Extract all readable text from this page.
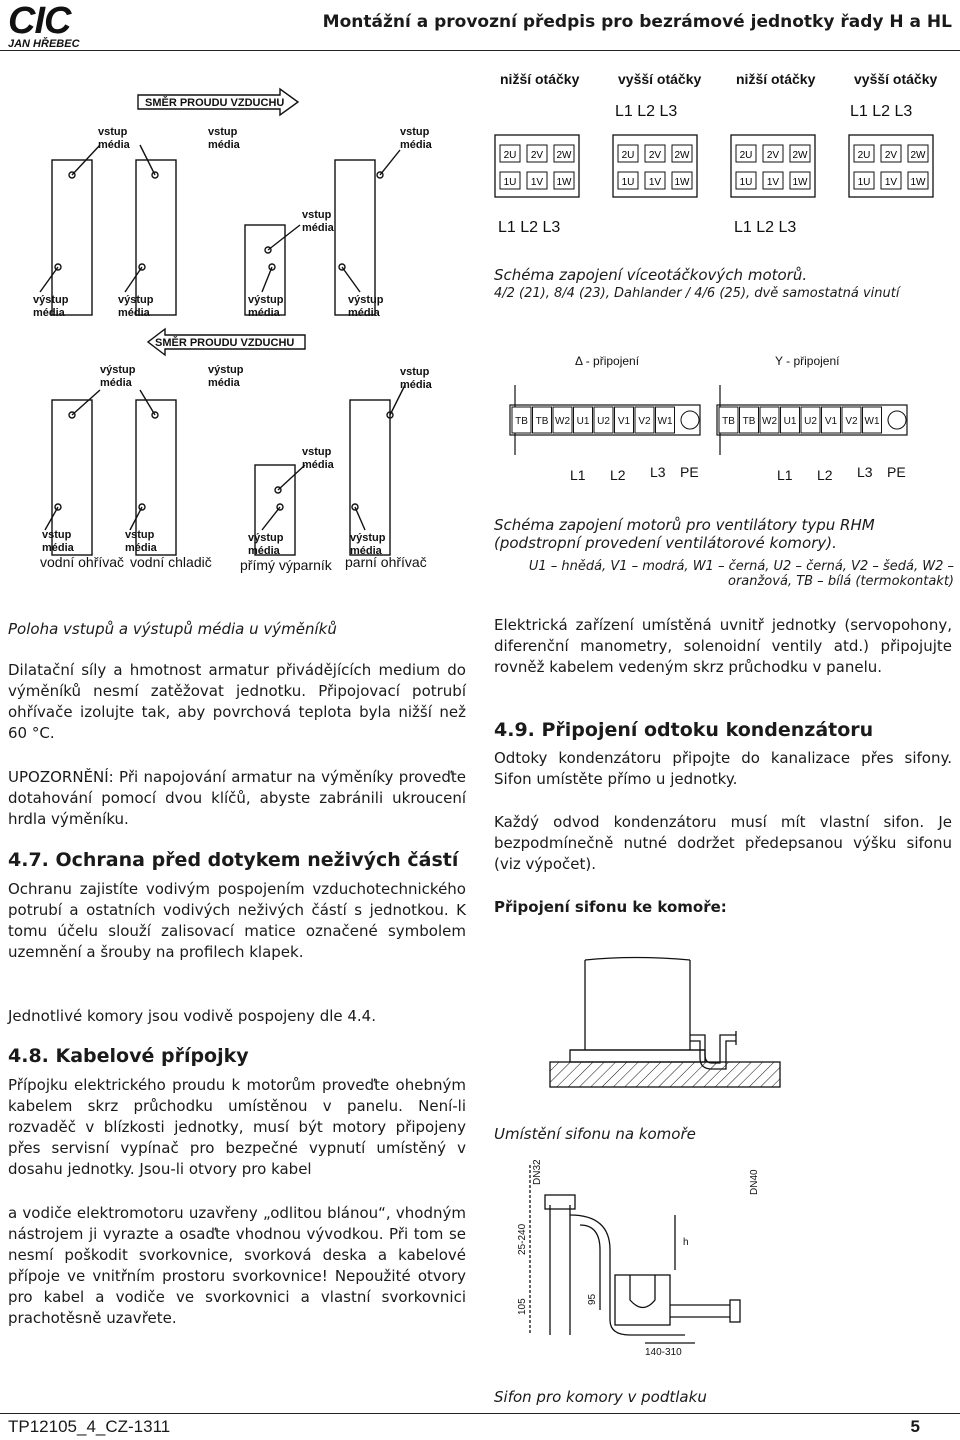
CIC
JAN HŘEBEC
Montážní a provozní předpis pro bezrámové jednotky řady H a HL
SMĚR PROUDU VZDUCHU
SMĚR PROUDU VZDUCHU
vstup
média
vstup
média
vstup
média
vstup
média
výstup
média
výstup
média
výstup
média
výstup
média
výstup
média
výstup
média
vstup
média
vstup
média
vstup
média
vstup
média
výstup
média
výstup
média
vodní ohřívač vodní chladič přímý výparník parní ohřívač
nižší otáčky	vyšší otáčky nižší otáčky	vyšší otáčky
L1 L2 L3	L1 L2 L3
L1 L2 L3	L1 L2 L3
2U 2V 2W
1U 1V 1W
2U 2V 2W
1U 1V 1W
2U 2V 2W
1U 1V 1W
2U 2V 2W
1U 1V 1W
Schéma zapojení víceotáčkových motorů.
4/2 (21), 8/4 (23), Dahlander / 4/6 (25), dvě samostatná vinutí
Δ - připojení	Y - připojení
TB TB W2 U1 U2 V1 V2 W1	TB TB W2 U1 U2 V1 V2 W1
L1 L2 L3 PE	L1 L2 L3 PE
Schéma zapojení motorů pro ventilátory typu RHM (podstropní provedení ventilátorové komory).
U1 – hnědá, V1 – modrá, W1 – černá, U2 – černá, V2 – šedá, W2 – oranžová, TB – bílá (termokontakt)
Poloha vstupů a výstupů média u výměníků
Dilatační síly a hmotnost armatur přivádějících medium do výměníků nesmí zatěžovat jednotku. Připojovací potrubí ohřívače izolujte tak, aby povrchová teplota byla nižší než 60 °C.
UPOZORNĚNÍ: Při napojování armatur na výměníky proveďte dotahování pomocí dvou klíčů, abyste zabránili ukroucení hrdla výměníku.
4.7. Ochrana před dotykem neživých částí
Ochranu zajistíte vodivým pospojením vzduchotechnického potrubí a ostatních vodivých neživých částí s jednotkou. K tomu účelu slouží zalisovací matice označené symbolem uzemnění a šrouby na profilech klapek.
Jednotlivé komory jsou vodivě pospojeny dle 4.4.
4.8. Kabelové přípojky
Přípojku elektrického proudu k motorům proveďte ohebným kabelem skrz průchodku umístěnou v panelu. Není-li rozvaděč v blízkosti jednotky, musí být motory připojeny přes servisní vypínač pro bezpečné vypnutí umístěný v dosahu jednotky. Jsou-li otvory pro kabel
a vodiče elektromotoru uzavřeny „odlitou blánou“, vhodným nástrojem ji vyrazte a osaďte vhodnou vývodkou. Při tom se nesmí poškodit svorkovnice, svorková deska a kabelové přípoje ve vnitřním prostoru svorkovnice! Nepoužité otvory pro kabel a vodiče ve svorkovnici a vlastní svorkovnici prachotěsně uzavřete.
Elektrická zařízení umístěná uvnitř jednotky (servopohony, diferenční manometry, solenoidní ventily atd.) připojujte rovněž kabelem vedeným skrz průchodku v panelu.
4.9. Připojení odtoku kondenzátoru
Odtoky kondenzátoru připojte do kanalizace přes sifony. Sifon umístěte přímo u jednotky.
Každý odvod kondenzátoru musí mít vlastní sifon. Je bezpodmínečně nutné dodržet předepsanou výšku sifonu (viz výpočet).
Připojení sifonu ke komoře:
Umístění sifonu na komoře
DN32	DN40
25-240
105	95
h
140-310
Sifon pro komory v podtlaku
TP12105_4_CZ-1311	5
